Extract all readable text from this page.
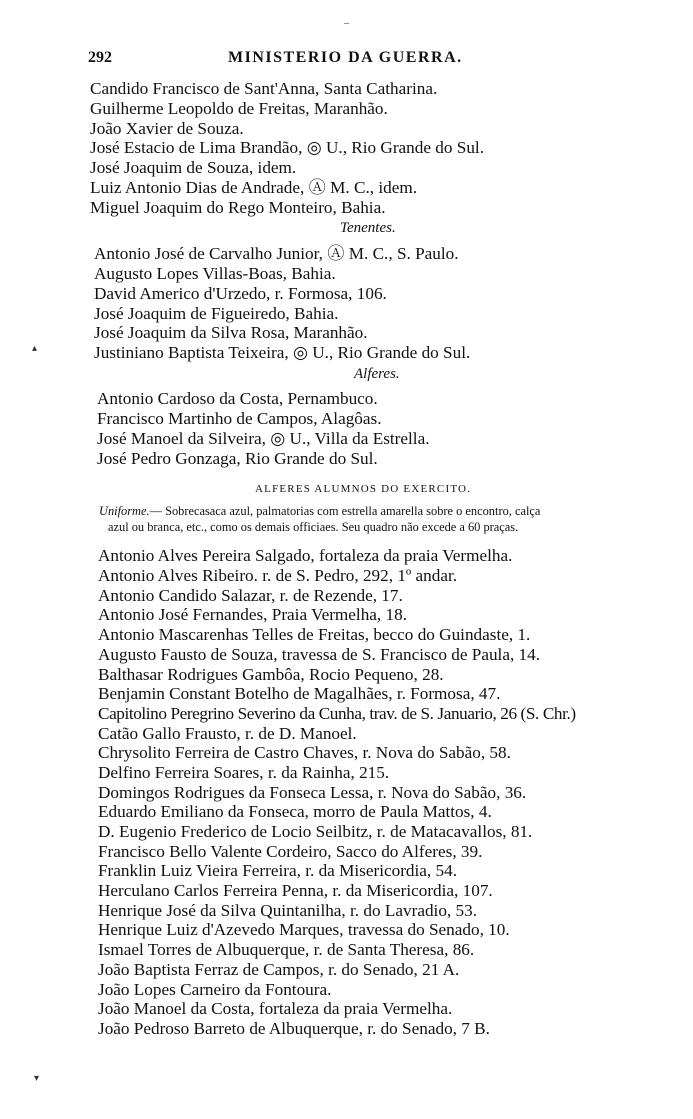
292	MINISTERIO DA GUERRA.
Candido Francisco de Sant'Anna, Santa Catharina.
Guilherme Leopoldo de Freitas, Maranhão.
João Xavier de Souza.
José Estacio de Lima Brandão, ◎ U., Rio Grande do Sul.
José Joaquim de Souza, idem.
Luiz Antonio Dias de Andrade, Ⓐ M. C., idem.
Miguel Joaquim do Rego Monteiro, Bahia.
Tenentes.
Antonio José de Carvalho Junior, Ⓐ M. C., S. Paulo.
Augusto Lopes Villas-Boas, Bahia.
David Americo d'Urzedo, r. Formosa, 106.
José Joaquim de Figueiredo, Bahia.
José Joaquim da Silva Rosa, Maranhão.
Justiniano Baptista Teixeira, ◎ U., Rio Grande do Sul.
Alferes.
Antonio Cardoso da Costa, Pernambuco.
Francisco Martinho de Campos, Alagôas.
José Manoel da Silveira, ◎ U., Villa da Estrella.
José Pedro Gonzaga, Rio Grande do Sul.
ALFERES ALUMNOS DO EXERCITO.
Uniforme.— Sobrecasaca azul, palmatorias com estrella amarella sobre o encontro, calça
azul ou branca, etc., como os demais officiaes. Seu quadro não excede a 60 praças.
Antonio Alves Pereira Salgado, fortaleza da praia Vermelha.
Antonio Alves Ribeiro. r. de S. Pedro, 292, 1º andar.
Antonio Candido Salazar, r. de Rezende, 17.
Antonio José Fernandes, Praia Vermelha, 18.
Antonio Mascarenhas Telles de Freitas, becco do Guindaste, 1.
Augusto Fausto de Souza, travessa de S. Francisco de Paula, 14.
Balthasar Rodrigues Gambôa, Rocio Pequeno, 28.
Benjamin Constant Botelho de Magalhães, r. Formosa, 47.
Capitolino Peregrino Severino da Cunha, trav. de S. Januario, 26 (S. Chr.)
Catão Gallo Frausto, r. de D. Manoel.
Chrysolito Ferreira de Castro Chaves, r. Nova do Sabão, 58.
Delfino Ferreira Soares, r. da Rainha, 215.
Domingos Rodrigues da Fonseca Lessa, r. Nova do Sabão, 36.
Eduardo Emiliano da Fonseca, morro de Paula Mattos, 4.
D. Eugenio Frederico de Locio Seilbitz, r. de Matacavallos, 81.
Francisco Bello Valente Cordeiro, Sacco do Alferes, 39.
Franklin Luiz Vieira Ferreira, r. da Misericordia, 54.
Herculano Carlos Ferreira Penna, r. da Misericordia, 107.
Henrique José da Silva Quintanilha, r. do Lavradio, 53.
Henrique Luiz d'Azevedo Marques, travessa do Senado, 10.
Ismael Torres de Albuquerque, r. de Santa Theresa, 86.
João Baptista Ferraz de Campos, r. do Senado, 21 A.
João Lopes Carneiro da Fontoura.
João Manoel da Costa, fortaleza da praia Vermelha.
João Pedroso Barreto de Albuquerque, r. do Senado, 7 B.
–
▴
▾
